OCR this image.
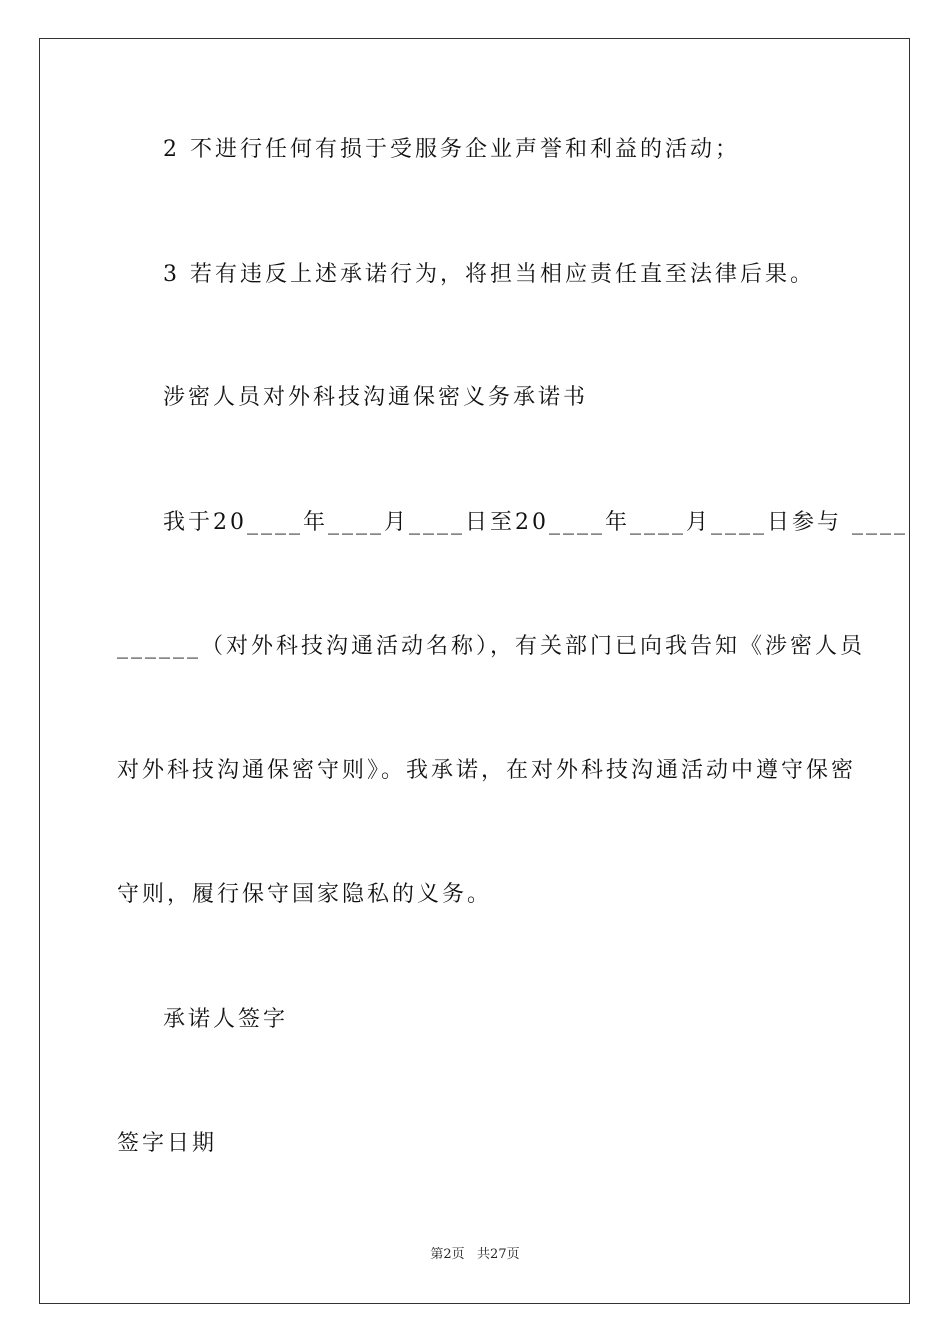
2 不进行任何有损于受服务企业声誉和利益的活动；
3 若有违反上述承诺行为，将担当相应责任直至法律后果。
涉密人员对外科技沟通保密义务承诺书
我于20____年____月____日至20____年____月____日参与 ____
______（对外科技沟通活动名称），有关部门已向我告知《涉密人员
对外科技沟通保密守则》。我承诺，在对外科技沟通活动中遵守保密
守则，履行保守国家隐私的义务。
承诺人签字
签字日期
第2页   共27页
